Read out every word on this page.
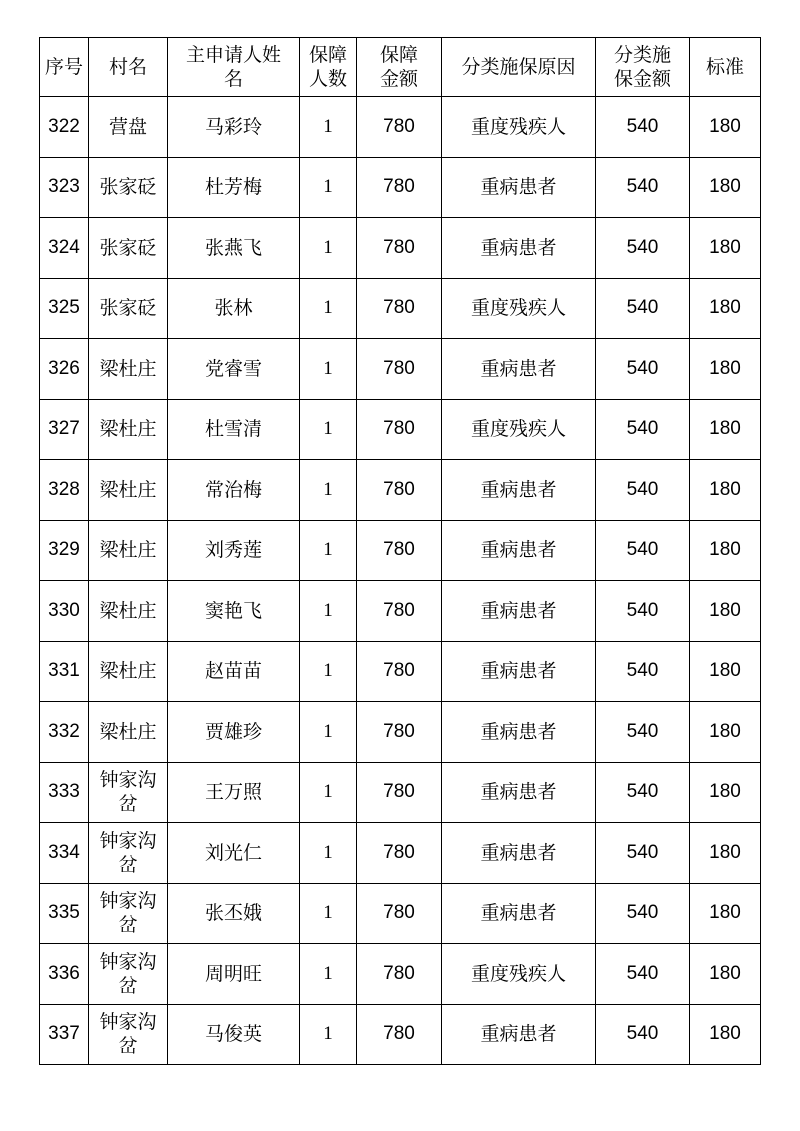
序号	村名	主申请人姓名	保障人数	保障金额	分类施保原因	分类施保金额	标准
322	营盘	马彩玲	1	780	重度残疾人	540	180
323	张家砭	杜芳梅	1	780	重病患者	540	180
324	张家砭	张燕飞	1	780	重病患者	540	180
325	张家砭	张林	1	780	重度残疾人	540	180
326	梁杜庄	党睿雪	1	780	重病患者	540	180
327	梁杜庄	杜雪清	1	780	重度残疾人	540	180
328	梁杜庄	常治梅	1	780	重病患者	540	180
329	梁杜庄	刘秀莲	1	780	重病患者	540	180
330	梁杜庄	窦艳飞	1	780	重病患者	540	180
331	梁杜庄	赵苗苗	1	780	重病患者	540	180
332	梁杜庄	贾雄珍	1	780	重病患者	540	180
333	钟家沟岔	王万照	1	780	重病患者	540	180
334	钟家沟岔	刘光仁	1	780	重病患者	540	180
335	钟家沟岔	张丕娥	1	780	重病患者	540	180
336	钟家沟岔	周明旺	1	780	重度残疾人	540	180
337	钟家沟岔	马俊英	1	780	重病患者	540	180
